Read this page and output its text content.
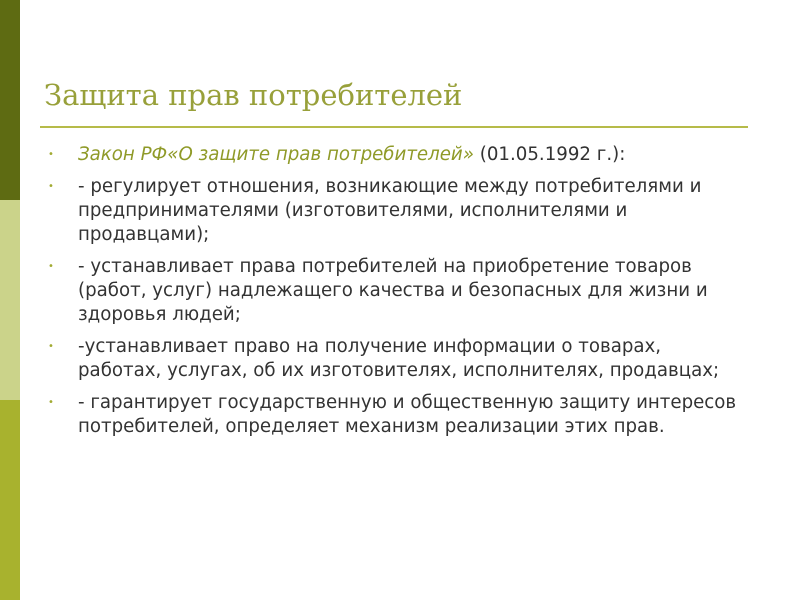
Защита прав потребителей
• Закон РФ«О защите прав потребителей» (01.05.1992 г.):
• - регулирует отношения, возникающие между потребителями и предпринимателями (изготовителями, исполнителями и продавцами);
• - устанавливает права потребителей на приобретение товаров (работ, услуг) надлежащего качества и безопасных для жизни и здоровья людей;
• -устанавливает право на получение информации о товарах, работах, услугах, об их изготовителях, исполнителях, продавцах;
• - гарантирует государственную и общественную защиту интересов потребителей, определяет механизм реализации этих прав.
